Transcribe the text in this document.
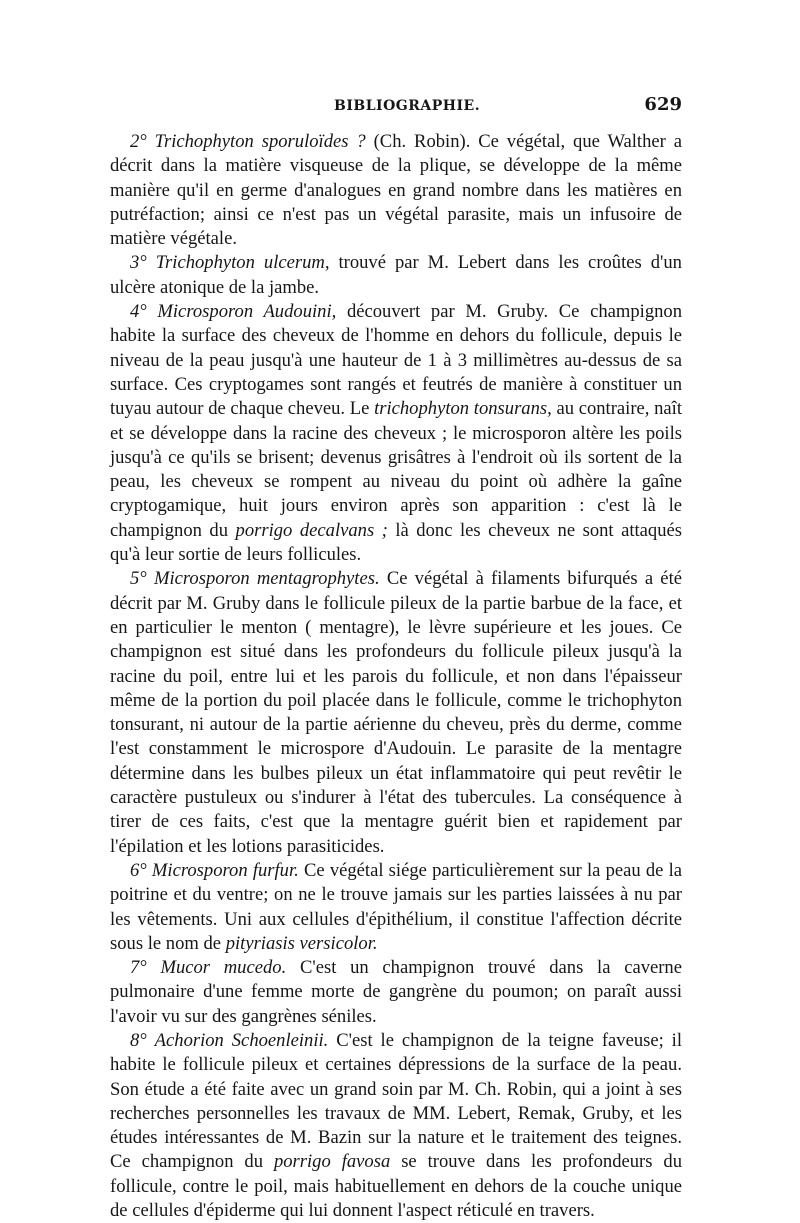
BIBLIOGRAPHIE.	629

2° Trichophyton sporuloïdes ? (Ch. Robin). Ce végétal, que Walther a décrit dans la matière visqueuse de la plique, se développe de la même manière qu'il en germe d'analogues en grand nombre dans les matières en putréfaction; ainsi ce n'est pas un végétal parasite, mais un infusoire de matière végétale.

3° Trichophyton ulcerum, trouvé par M. Lebert dans les croûtes d'un ulcère atonique de la jambe.

4° Microsporon Audouini, découvert par M. Gruby. Ce champignon habite la surface des cheveux de l'homme en dehors du follicule, depuis le niveau de la peau jusqu'à une hauteur de 1 à 3 millimètres au-dessus de sa surface. Ces cryptogames sont rangés et feutrés de manière à constituer un tuyau autour de chaque cheveu. Le trichophyton tonsurans, au contraire, naît et se développe dans la racine des cheveux ; le microsporon altère les poils jusqu'à ce qu'ils se brisent; devenus grisâtres à l'endroit où ils sortent de la peau, les cheveux se rompent au niveau du point où adhère la gaîne cryptogamique, huit jours environ après son apparition : c'est là le champignon du porrigo decalvans ; là donc les cheveux ne sont attaqués qu'à leur sortie de leurs follicules.

5° Microsporon mentagrophytes. Ce végétal à filaments bifurqués a été décrit par M. Gruby dans le follicule pileux de la partie barbue de la face, et en particulier le menton ( mentagre), le lèvre supérieure et les joues. Ce champignon est situé dans les profondeurs du follicule pileux jusqu'à la racine du poil, entre lui et les parois du follicule, et non dans l'épaisseur même de la portion du poil placée dans le follicule, comme le trichophyton tonsurant, ni autour de la partie aérienne du cheveu, près du derme, comme l'est constamment le microspore d'Audouin. Le parasite de la mentagre détermine dans les bulbes pileux un état inflammatoire qui peut revêtir le caractère pustuleux ou s'indurer à l'état des tubercules. La conséquence à tirer de ces faits, c'est que la mentagre guérit bien et rapidement par l'épilation et les lotions parasiticides.

6° Microsporon furfur. Ce végétal siége particulièrement sur la peau de la poitrine et du ventre; on ne le trouve jamais sur les parties laissées à nu par les vêtements. Uni aux cellules d'épithélium, il constitue l'affection décrite sous le nom de pityriasis versicolor.

7° Mucor mucedo. C'est un champignon trouvé dans la caverne pulmonaire d'une femme morte de gangrène du poumon; on paraît aussi l'avoir vu sur des gangrènes séniles.

8° Achorion Schoenleinii. C'est le champignon de la teigne faveuse; il habite le follicule pileux et certaines dépressions de la surface de la peau. Son étude a été faite avec un grand soin par M. Ch. Robin, qui a joint à ses recherches personnelles les travaux de MM. Lebert, Remak, Gruby, et les études intéressantes de M. Bazin sur la nature et le traitement des teignes. Ce champignon du porrigo favosa se trouve dans les profondeurs du follicule, contre le poil, mais habituellement en dehors de la couche unique de cellules d'épiderme qui lui donnent l'aspect réticulé en travers.
